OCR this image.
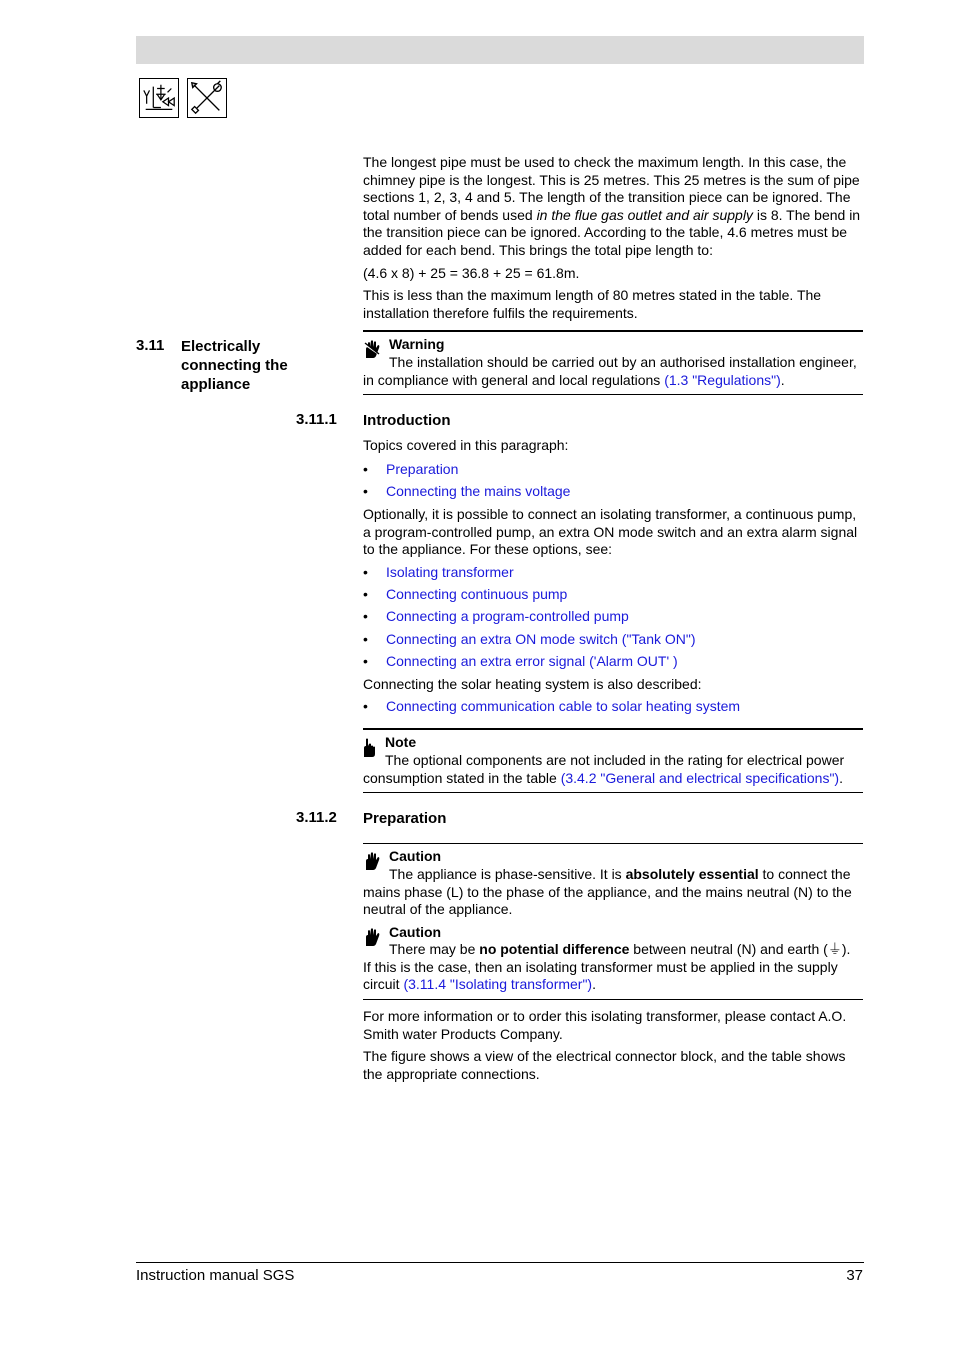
The longest pipe must be used to check the maximum length. In this case, the chimney pipe is the longest. This is 25 metres. This 25 metres is the sum of pipe sections 1, 2, 3, 4 and 5. The length of the transition piece can be ignored. The total number of bends used in the flue gas outlet and air supply is 8. The bend in the transition piece can be ignored. According to the table, 4.6 metres must be added for each bend. This brings the total pipe length to:

(4.6 x 8) + 25 = 36.8 + 25 = 61.8m.
This is less than the maximum length of 80 metres stated in the table. The installation therefore fulfils the requirements.
3.11 Electrically
connecting the
appliance
Warning

The installation should be carried out by an authorised installation engineer, in compliance with general and local regulations (1.3 "Regulations").

3.11.1 Introduction
Topics covered in this paragraph:
• Preparation
• Connecting the mains voltage
Optionally, it is possible to connect an isolating transformer, a continuous pump, a program-controlled pump, an extra ON mode switch and an extra alarm signal to the appliance. For these options, see:
• Isolating transformer
• Connecting continuous pump
• Connecting a program-controlled pump
• Connecting an extra ON mode switch ("Tank ON")
• Connecting an extra error signal ('Alarm OUT' )
Connecting the solar heating system is also described:
• Connecting communication cable to solar heating system
Note

The optional components are not included in the rating for electrical power consumption stated in the table (3.4.2 "General and electrical specifications").

3.11.2 Preparation
Caution

The appliance is phase-sensitive. It is absolutely essential to connect the mains phase (L) to the phase of the appliance, and the mains neutral (N) to the neutral of the appliance.

Caution

There may be no potential difference between neutral (N) and earth (⏚). If this is the case, then an isolating transformer must be applied in the supply circuit (3.11.4 "Isolating transformer").

For more information or to order this isolating transformer, please contact A.O. Smith water Products Company.
The figure shows a view of the electrical connector block, and the table shows the appropriate connections.
Instruction manual SGS	37
